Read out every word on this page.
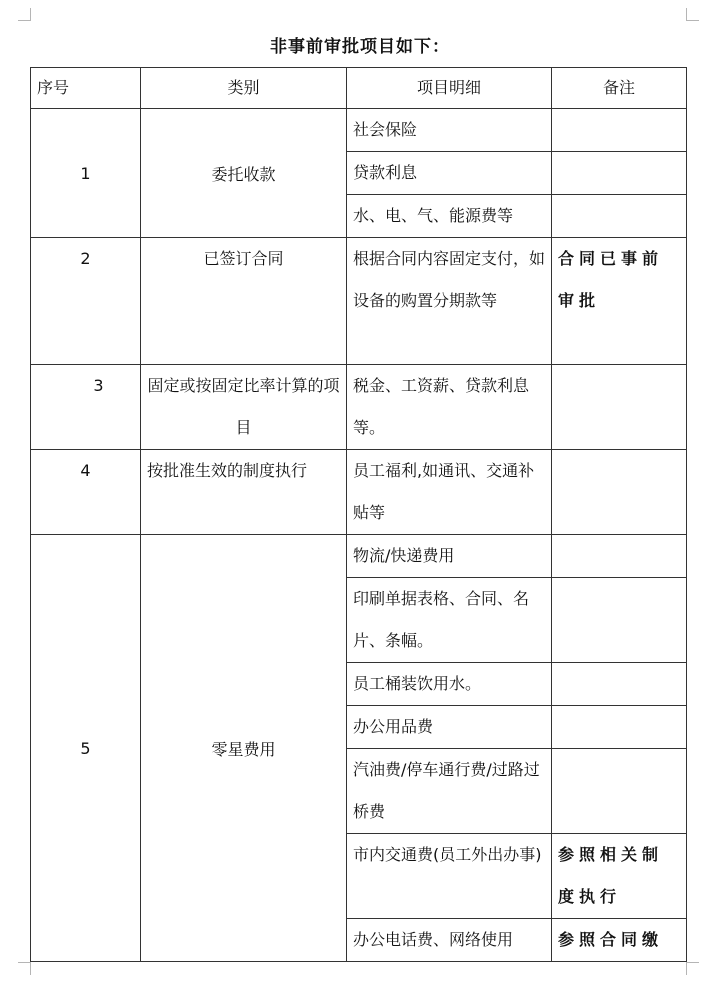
非事前审批项目如下：
序号	类别	项目明细	备注
1	委托收款	社会保险	
		贷款利息	
		水、电、气、能源费等	
2	已签订合同	根据合同内容固定支付，如设备的购置分期款等	合同已事前审批
3	固定或按固定比率计算的项目	税金、工资薪、贷款利息等。	
4	按批准生效的制度执行	员工福利,如通讯、交通补贴等	
5	零星费用	物流/快递费用	
		印刷单据表格、合同、名片、条幅。	
		员工桶装饮用水。	
		办公用品费	
		汽油费/停车通行费/过路过桥费	
		市内交通费(员工外出办事)	参照相关制度执行
		办公电话费、网络使用	参照合同缴
